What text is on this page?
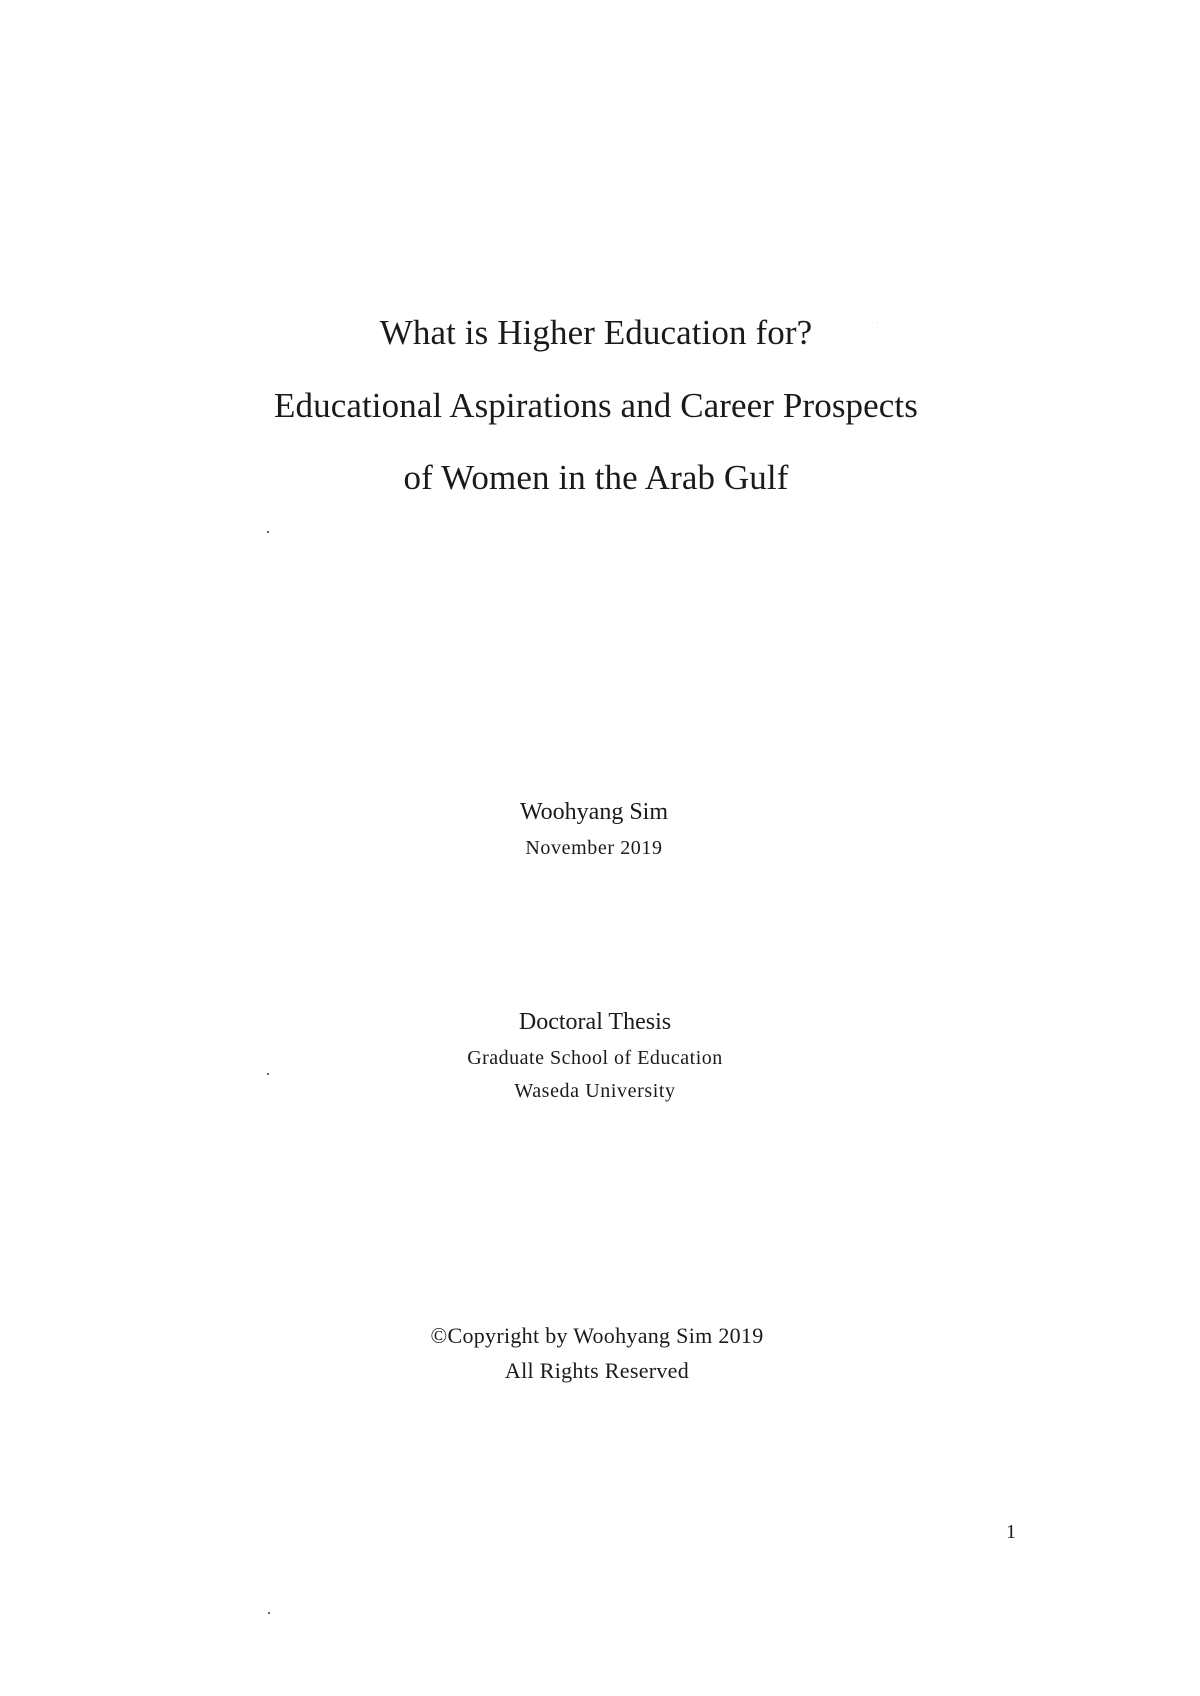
What is Higher Education for?
Educational Aspirations and Career Prospects
of Women in the Arab Gulf
Woohyang Sim
November 2019
Doctoral Thesis
Graduate School of Education
Waseda University
©Copyright by Woohyang Sim 2019
All Rights Reserved
1
